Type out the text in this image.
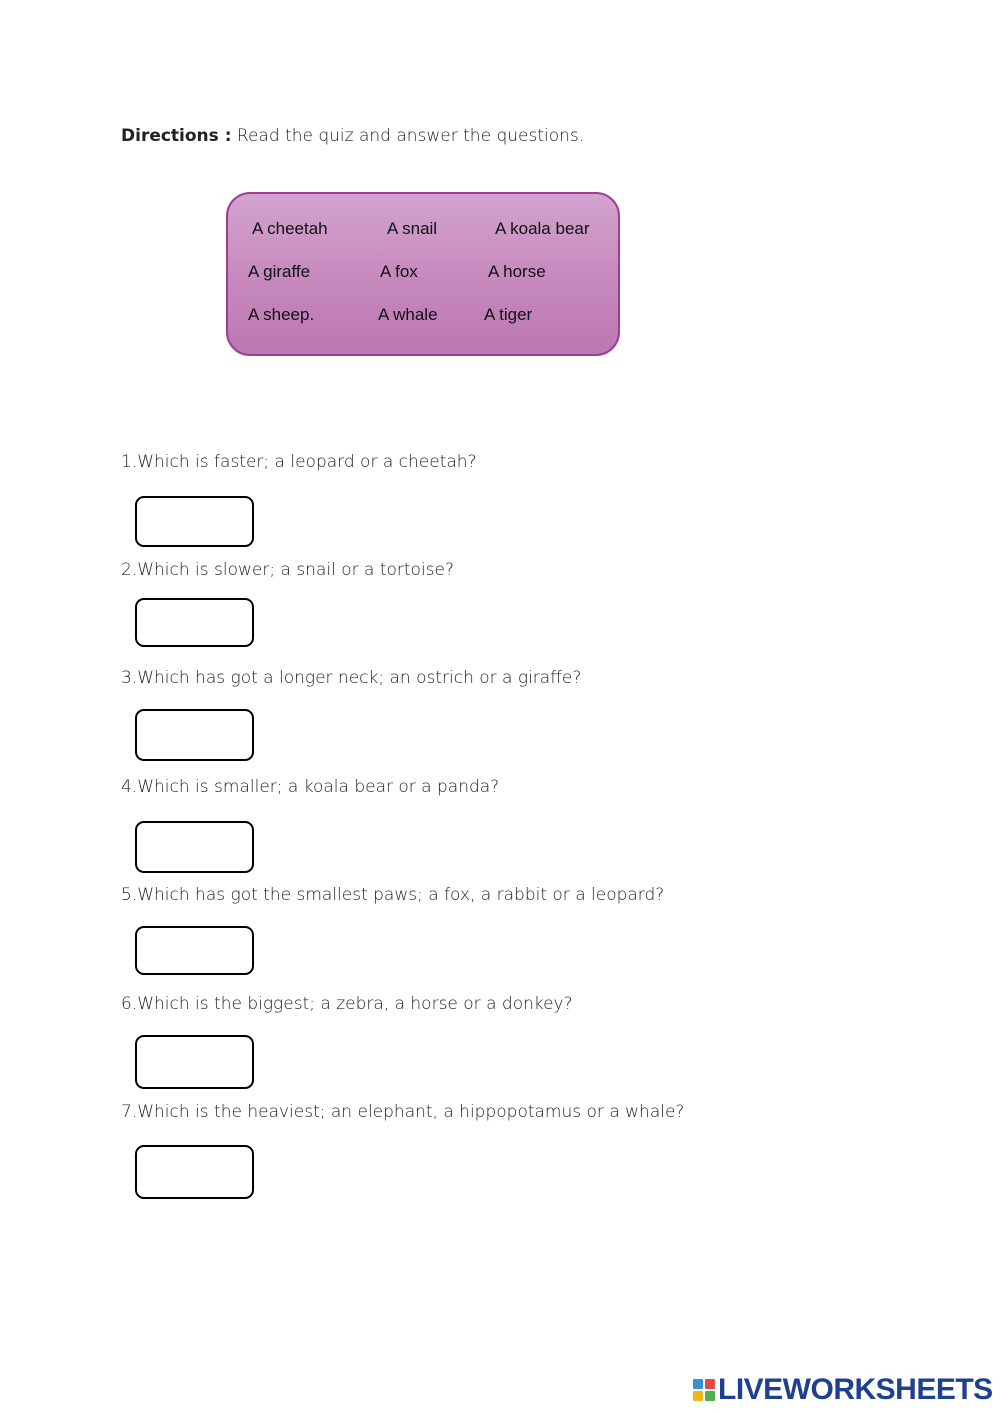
Directions : Read the quiz and answer the questions.
A cheetah	A snail	A koala bear
A giraffe	A fox	A horse
A sheep.	A whale	A tiger
1.Which is faster; a leopard or a cheetah?
2.Which is slower; a snail or a tortoise?
3.Which has got a longer neck; an ostrich or a giraffe?
4.Which is smaller; a koala bear or a panda?
5.Which has got the smallest paws; a fox, a rabbit or a leopard?
6.Which is the biggest; a zebra, a horse or a donkey?
7.Which is the heaviest; an elephant, a hippopotamus or a whale?
LIVEWORKSHEETS
